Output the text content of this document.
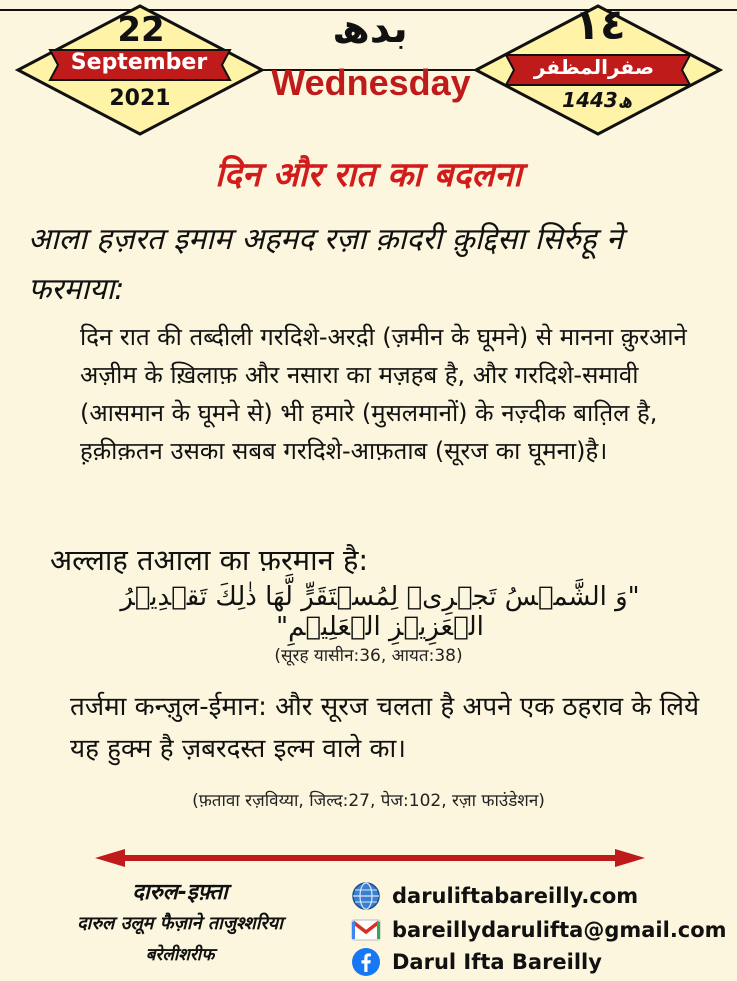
22
September
2021
بدھ
Wednesday
١٤
صفرالمظفر
1443ھ
दिन और रात का बदलना
आला हज़रत इमाम अहमद रज़ा क़ादरी क़ुद्दिसा सिर्रुहू ने फरमाया:
दिन रात की तब्दीली गरदिशे-अरद़ी (ज़मीन के घूमने) से मानना क़ुरआने अज़ीम के ख़िलाफ़ और नसारा का मज़हब है, और गरदिशे-समावी (आसमान के घूमने से) भी हमारे (मुसलमानों) के नज़्दीक बात़िल है, ह़क़ीक़तन उसका सबब गरदिशे-आफ़ताब (सूरज का घूमना)है।
अल्लाह तआला का फ़रमान है:
"وَ الشَّمۡسُ تَجۡرِیۡ لِمُسۡتَقَرٍّ لَّهَا ذٰلِكَ تَقۡدِیۡرُ الۡعَزِیۡزِ الۡعَلِیۡمِ"
(सूरह यासीन:36, आयत:38)
तर्जमा कन्ज़ुल-ईमान: और सूरज चलता है अपने एक ठहराव के लिये यह हुक्म है ज़बरदस्त इल्म वाले का।
(फ़तावा रज़विय्या, जिल्द:27, पेज:102, रज़ा फाउंडेशन)
दारुल-इफ़्ता
दारुल उलूम फैज़ाने ताजुश्शरिया
बरेलीशरीफ
daruliftabareilly.com
bareillydarulifta@gmail.com
Darul Ifta Bareilly
